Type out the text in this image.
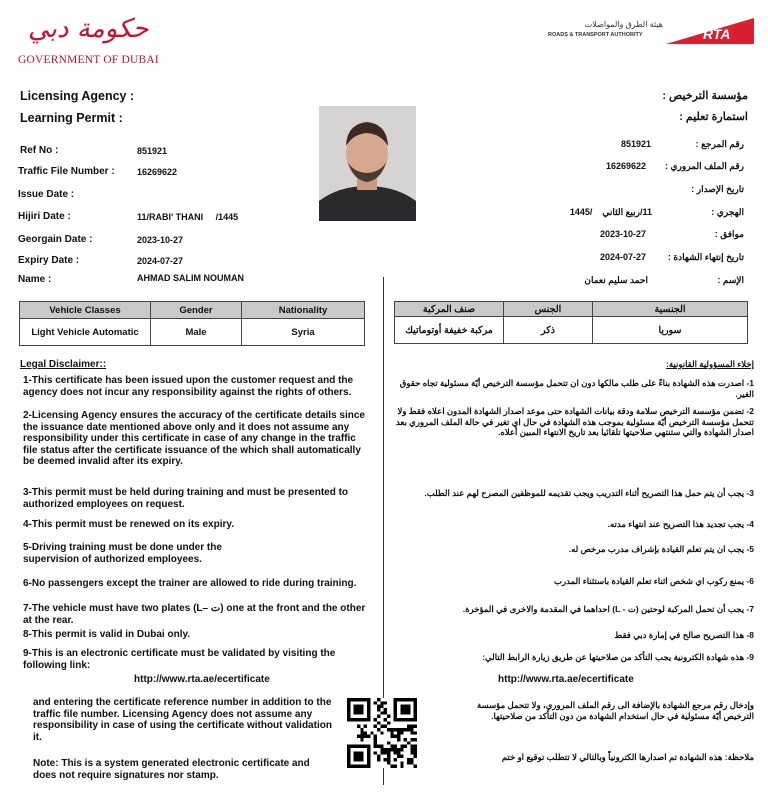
حكومة دبي
GOVERNMENT OF DUBAI
هيئة الطرق والمواصلات
ROADS & TRANSPORT AUTHORITY	RTA
Licensing Agency :
Learning Permit :
مؤسسة الترخيص :
استمارة تعليم :
Ref No :	851921
Traffic File Number : 16269622
Issue Date :
Hijiri Date :	11/RABI' THANI     /1445
Georgain Date :	2023-10-27
Expiry Date :	2024-07-27
Name :	AHMAD SALIM NOUMAN
رقم المرجع :
851921
رقم الملف المروري :
16269622
تاريخ الإصدار :
الهجري :
11/ربيع الثاني    /1445
موافق :
2023-10-27
تاريخ إنتهاء الشهادة :
2024-07-27
الإسم :
احمد سليم نعمان
Vehicle Classes	Gender	Nationality
Light Vehicle Automatic	Male	Syria
صنف المركبة	الجنس	الجنسية
مركبة خفيفة أوتوماتيك	ذكر	سوريا
Legal Disclaimer::
1-This certificate has been issued upon the customer request and the agency does not incur any responsibility against the rights of others.
2-Licensing Agency ensures the accuracy of the certificate details since the issuance date mentioned above only and it does not assume any responsibility under this certificate in case of any change in the traffic file status after the certificate issuance of the which shall automatically be deemed invalid after its expiry.
3-This permit must be held during training and must be presented to authorized employees on request.
4-This permit must be renewed on its expiry.
5-Driving training must be done under the supervision of authorized employees.
6-No passengers except the trainer are allowed to ride during training.
7-The vehicle must have two plates (L– ت) one at the front and the other at the rear.
8-This permit is valid in Dubai only.
9-This is an electronic certificate must be validated by visiting the following link:
http://www.rta.ae/ecertificate
and entering the certificate reference number in addition to the traffic file number. Licensing Agency does not assume any responsibility in case of using the certificate without validation it.
Note: This is a system generated electronic certificate and does not require signatures nor stamp.
إخلاء المسؤولية القانونية:
1- اصدرت هذه الشهادة بناءً على طلب مالكها دون ان تتحمل مؤسسة الترخيص أيّة مسئولية تجاه حقوق الغير.
2- تضمن مؤسسة الترخيص سلامة ودقة بيانات الشهادة حتى موعد اصدار الشهادة المدون اعلاه فقط ولا تتحمل مؤسسة الترخيص أيّة مسئولية بموجب هذه الشهادة في حال اي تغير في حالة الملف المروري بعد اصدار الشهادة والتي ستنتهي صلاحيتها تلقائيا بعد تاريخ الانتهاء المبين أعلاه.
3- يجب أن يتم حمل هذا التصريح أثناء التدريب ويجب تقديمه للموظفين المصرح لهم عند الطلب.
4- يجب تجديد هذا التصريح عند انتهاء مدته.
5- يجب ان يتم تعلم القيادة بإشراف مدرب مرخص له.
6- يمنع ركوب اي شخص اثناء تعلم القيادة باستثناء المدرب
7- يجب أن تحمل المركبة لوحتين (ت - L) احداهما في المقدمة والاخرى في المؤخرة.
8- هذا التصريح صالح في إمارة دبي فقط
9- هذه شهادة الكترونية يجب التأكد من صلاحيتها عن طريق زيارة الرابط التالي:
http://www.rta.ae/ecertificate
وإدخال رقم مرجع الشهادة بالإضافة الى رقم الملف المروري، ولا تتحمل مؤسسة الترخيص أيّة مسئولية في حال استخدام الشهادة من دون التأكد من صلاحيتها.
ملاحظة: هذه الشهادة تم اصدارها الكترونياً وبالتالي لا تتطلب توقيع او ختم
